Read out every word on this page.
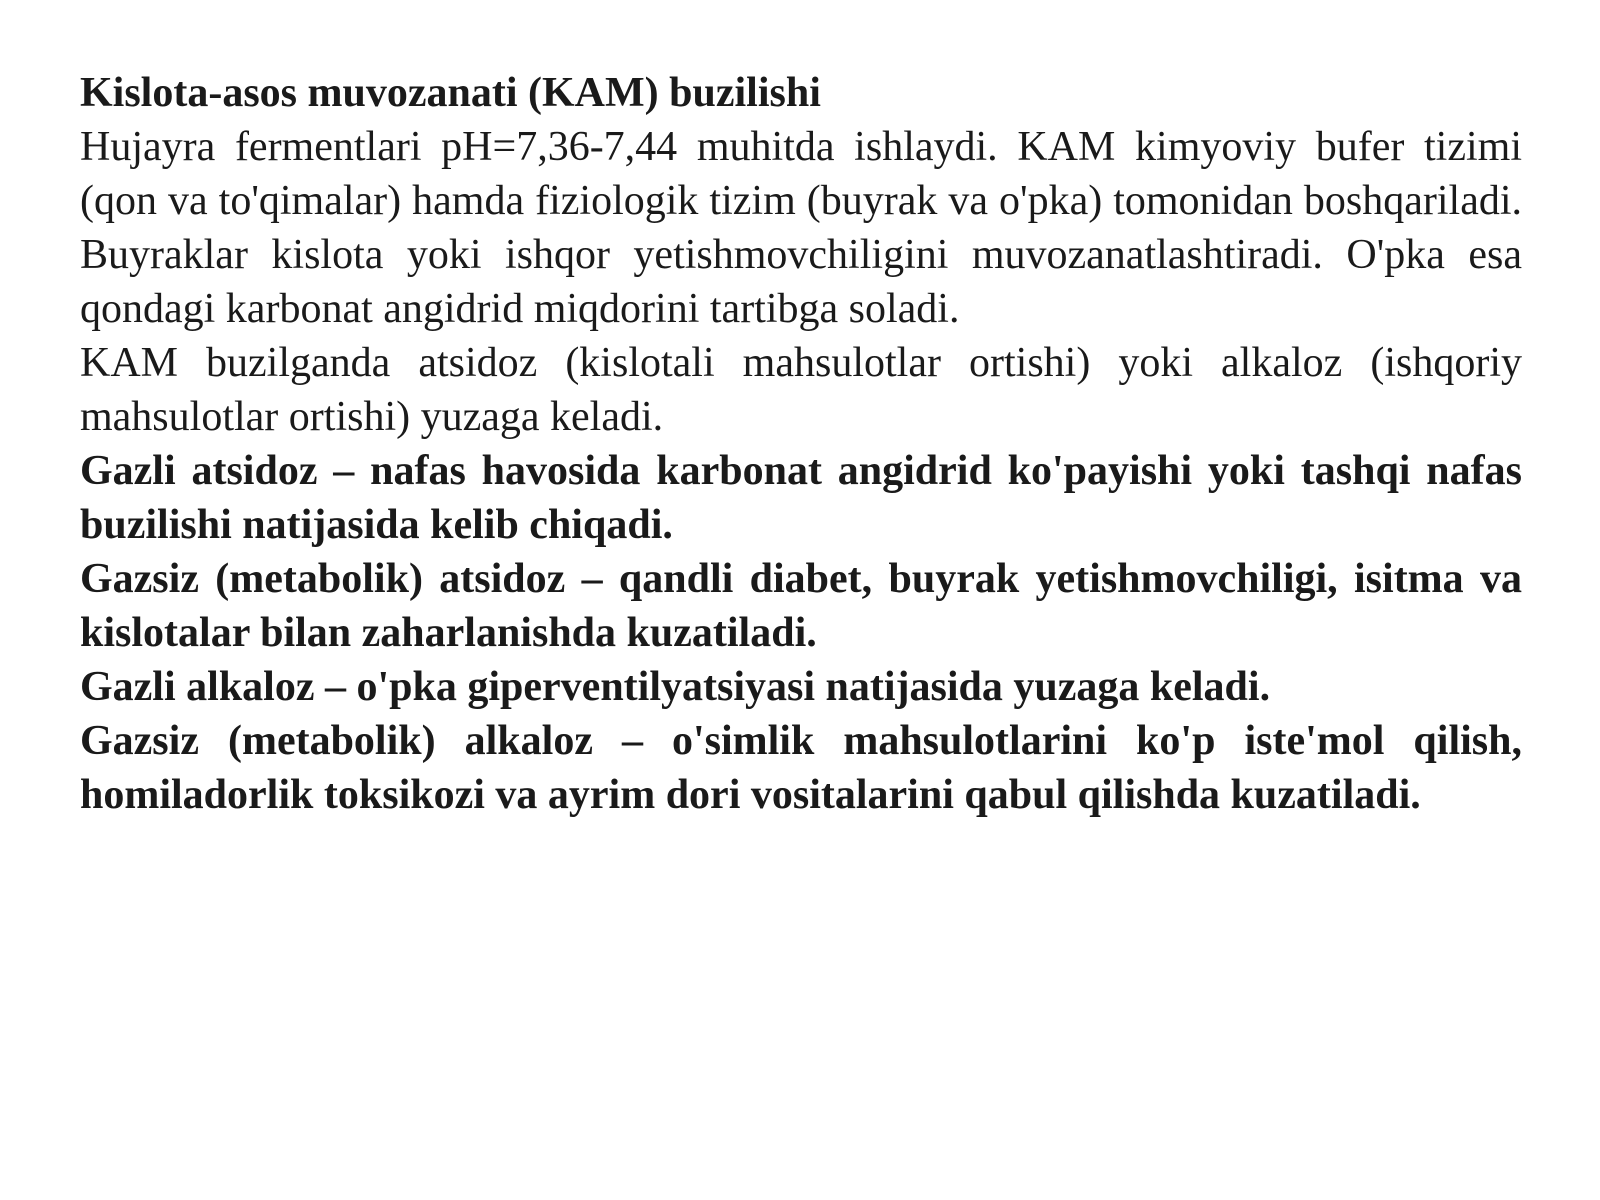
Kislota-asos muvozanati (KAM) buzilishi

Hujayra fermentlari pH=7,36-7,44 muhitda ishlaydi. KAM kimyoviy bufer tizimi (qon va to'qimalar) hamda fiziologik tizim (buyrak va o'pka) tomonidan boshqariladi. Buyraklar kislota yoki ishqor yetishmovchiligini muvozanatlashtiradi. O'pka esa qondagi karbonat angidrid miqdorini tartibga soladi.

KAM buzilganda atsidoz (kislotali mahsulotlar ortishi) yoki alkaloz (ishqoriy mahsulotlar ortishi) yuzaga keladi.

Gazli atsidoz – nafas havosida karbonat angidrid ko'payishi yoki tashqi nafas buzilishi natijasida kelib chiqadi.

Gazsiz (metabolik) atsidoz – qandli diabet, buyrak yetishmovchiligi, isitma va kislotalar bilan zaharlanishda kuzatiladi.

Gazli alkaloz – o'pka giperventilyatsiyasi natijasida yuzaga keladi.

Gazsiz (metabolik) alkaloz – o'simlik mahsulotlarini ko'p iste'mol qilish, homiladorlik toksikozi va ayrim dori vositalarini qabul qilishda kuzatiladi.
